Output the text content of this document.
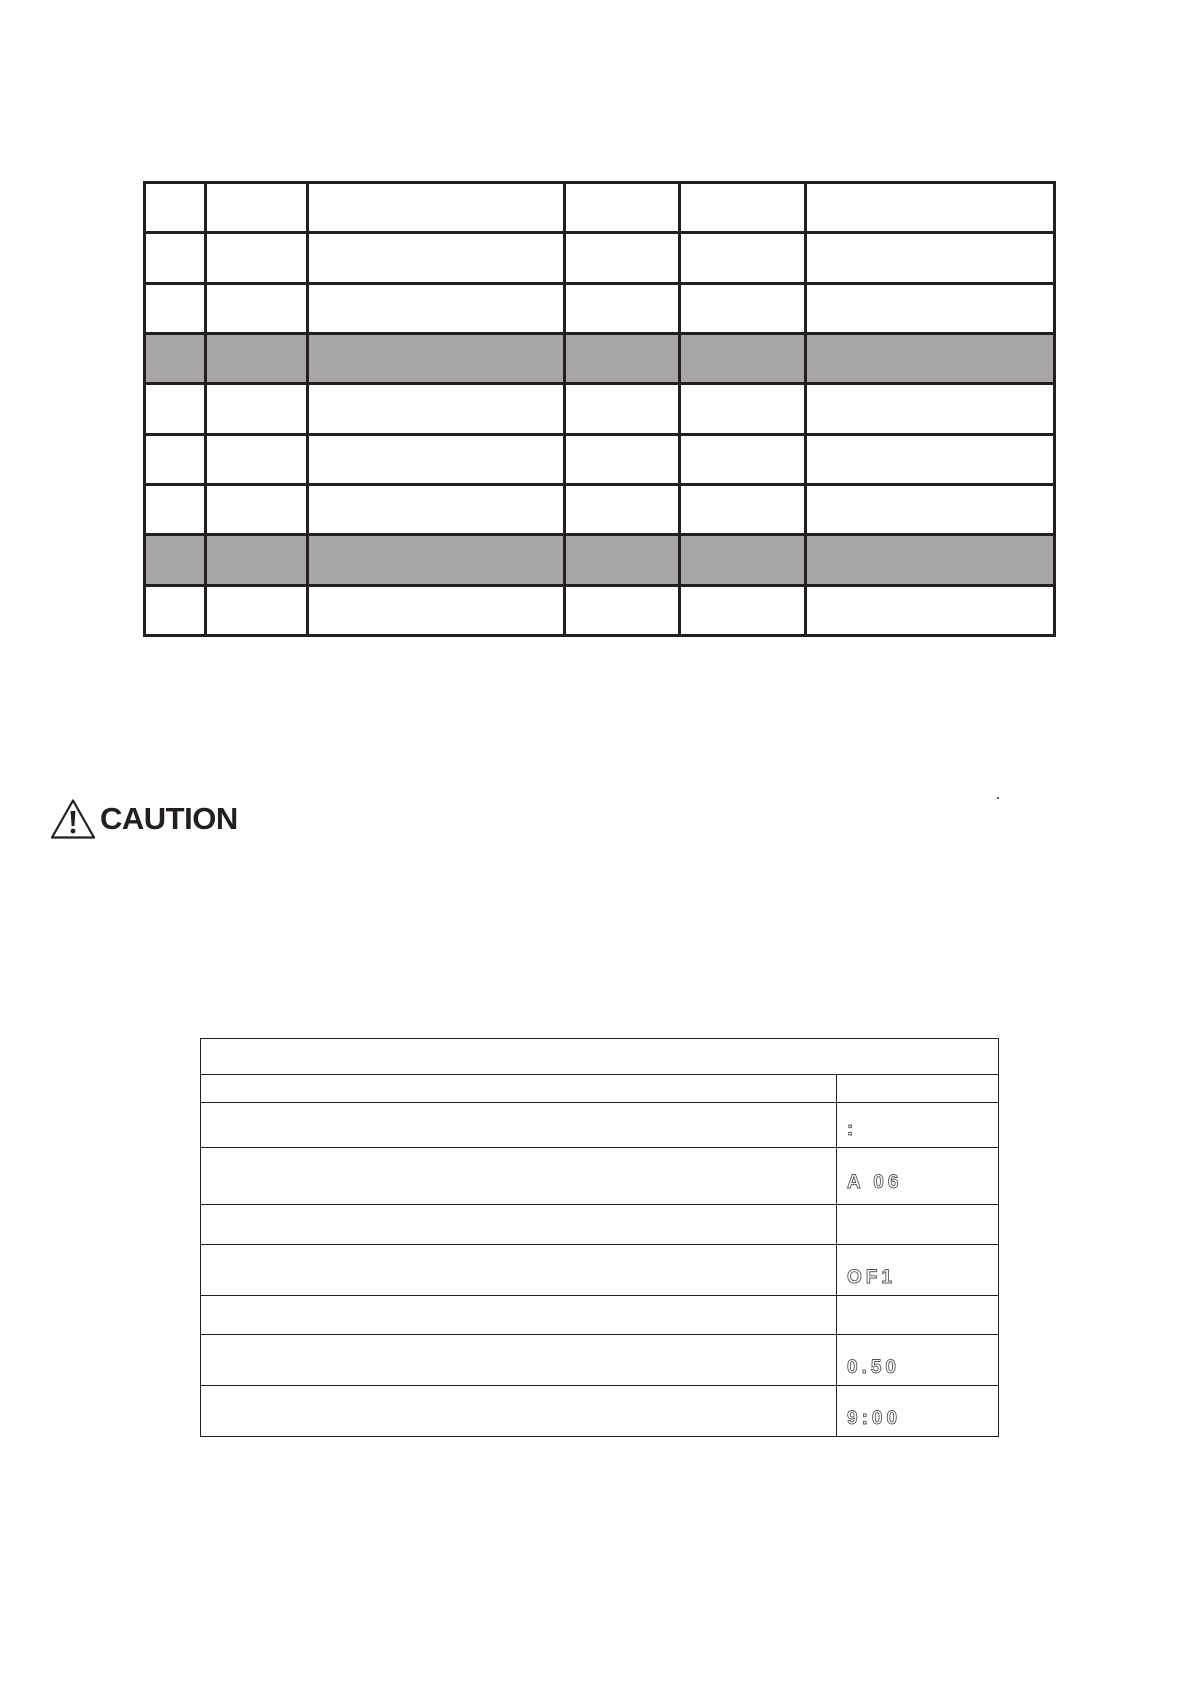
CAUTION

	:
	A 06

	OF1

	0.50
	9:00
